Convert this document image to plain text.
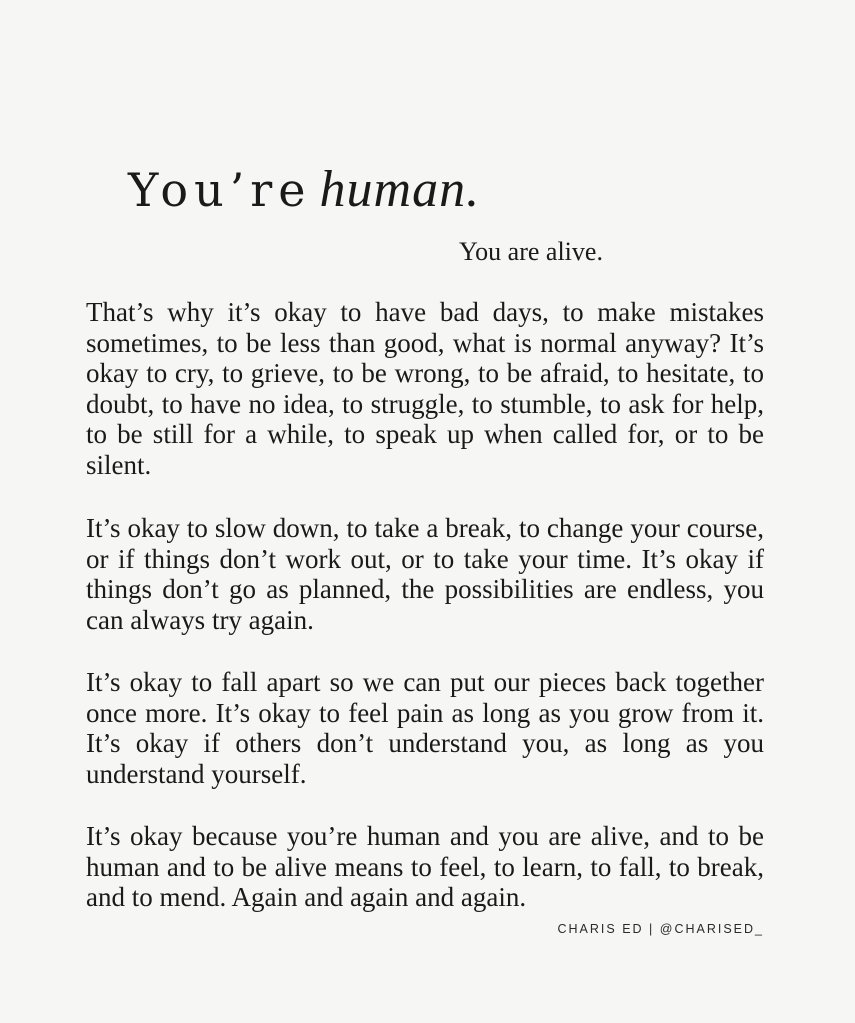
You’re human.

You are alive.

That’s why it’s okay to have bad days, to make mistakes sometimes, to be less than good, what is normal anyway? It’s okay to cry, to grieve, to be wrong, to be afraid, to hesitate, to doubt, to have no idea, to struggle, to stumble, to ask for help, to be still for a while, to speak up when called for, or to be silent.

It’s okay to slow down, to take a break, to change your course, or if things don’t work out, or to take your time. It’s okay if things don’t go as planned, the possibilities are endless, you can always try again.

It’s okay to fall apart so we can put our pieces back together once more. It’s okay to feel pain as long as you grow from it. It’s okay if others don’t understand you, as long as you understand yourself.

It’s okay because you’re human and you are alive, and to be human and to be alive means to feel, to learn, to fall, to break, and to mend. Again and again and again.

CHARIS ED | @CHARISED_
